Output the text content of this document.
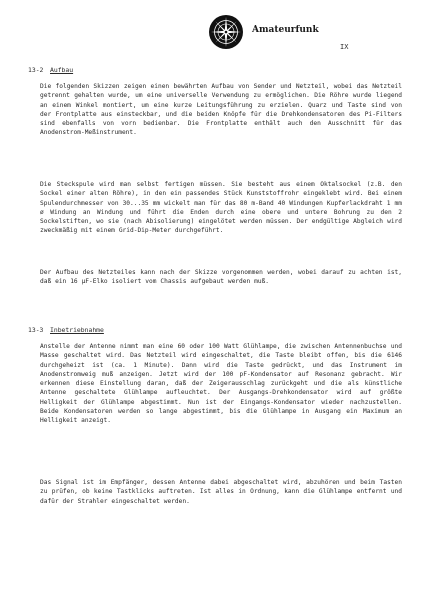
Amateurfunk
IX
13-2 Aufbau

Die folgenden Skizzen zeigen einen bewährten Aufbau von Sender und Netzteil, wobei das Netzteil getrennt gehalten wurde, um eine universelle Verwendung zu ermöglichen. Die Röhre wurde liegend an einem Winkel montiert, um eine kurze Leitungsführung zu erzielen. Quarz und Taste sind von der Frontplatte aus einsteckbar, und die beiden Knöpfe für die Drehkondensatoren des Pi-Filters sind ebenfalls von vorn bedienbar. Die Frontplatte enthält auch den Ausschnitt für das Anodenstrom-Meßinstrument.

Die Steckspule wird man selbst fertigen müssen. Sie besteht aus einem Oktalsockel (z.B. den Sockel einer alten Röhre), in den ein passendes Stück Kunststoffrohr eingeklebt wird. Bei einem Spulendurchmesser von 30...35 mm wickelt man für das 80 m-Band 40 Windungen Kupferlackdraht 1 mm ø Windung an Windung und führt die Enden durch eine obere und untere Bohrung zu den 2 Sockelstiften, wo sie (nach Abisolierung) eingelötet werden müssen. Der endgültige Abgleich wird zweckmäßig mit einem Grid-Dip-Meter durchgeführt.

Der Aufbau des Netzteiles kann nach der Skizze vorgenommen werden, wobei darauf zu achten ist, daß ein 16 µF-Elko isoliert vom Chassis aufgebaut werden muß.

13-3 Inbetriebnahme

Anstelle der Antenne nimmt man eine 60 oder 100 Watt Glühlampe, die zwischen Antennenbuchse und Masse geschaltet wird. Das Netzteil wird eingeschaltet, die Taste bleibt offen, bis die 6146 durchgeheizt ist (ca. 1 Minute). Dann wird die Taste gedrückt, und das Instrument im Anodenstromweig muß anzeigen. Jetzt wird der 100 pF-Kondensator auf Resonanz gebracht. Wir erkennen diese Einstellung daran, daß der Zeigerausschlag zurückgeht und die als künstliche Antenne geschaltete Glühlampe aufleuchtet. Der Ausgangs-Drehkondensator wird auf größte Helligkeit der Glühlampe abgestimmt. Nun ist der Eingangs-Kondensator wieder nachzustellen. Beide Kondensatoren werden so lange abgestimmt, bis die Glühlampe in Ausgang ein Maximum an Helligkeit anzeigt.

Das Signal ist im Empfänger, dessen Antenne dabei abgeschaltet wird, abzuhören und beim Tasten zu prüfen, ob keine Tastklicks auftreten. Ist alles in Ordnung, kann die Glühlampe entfernt und dafür der Strahler eingeschaltet werden.
